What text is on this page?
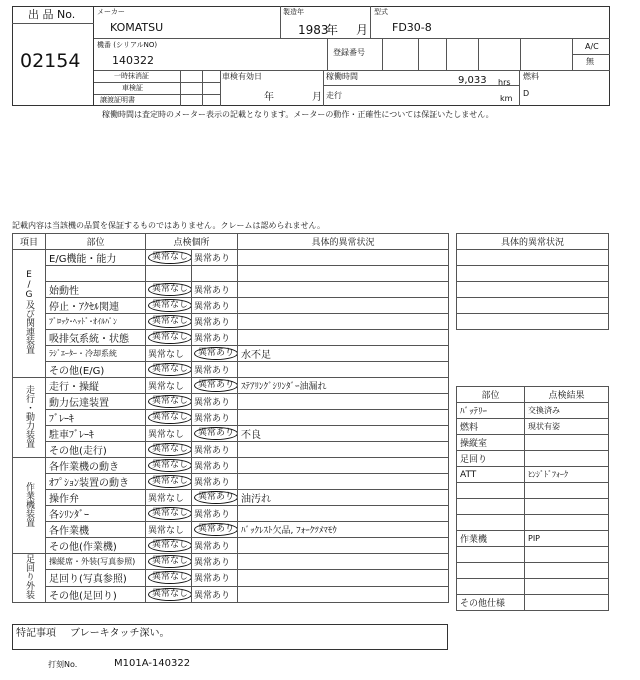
出 品 No.
02154
メーカー
KOMATSU
製造年
1983
年 月
型式
FD30-8
機番 (シリアルNO)
140322
登録番号
A/C
無
一時抹消証
車検証
譲渡証明書
車検有効日
年	月
稼働時間	9,033 hrs
走行	km
燃料
D
稼働時間は査定時のメーター表示の記載となります。メーターの動作・正確性については保証いたしません。
記載内容は当該機の品質を保証するものではありません。クレームは認められません。
項目	部位	点検個所		具体的異常状況
E/G及び関連装置	E/G機能・能力	異常なし	異常あり	

	始動性	異常なし	異常あり	
	停止・ｱｸｾﾙ関連	異常なし	異常あり	
	ﾌﾞﾛｯｸ･ﾍｯﾄﾞ･ｵｲﾙﾊﾟﾝ	異常なし	異常あり	
	吸排気系統・状態	異常なし	異常あり	
	ﾗｼﾞｴｰﾀｰ・冷却系統	異常なし	異常あり	水不足
	その他(E/G)	異常なし	異常あり	
走行・動力装置	走行・操縦	異常なし	異常あり	ｽﾃｱﾘﾝｸﾞｼﾘﾝﾀﾞｰ油漏れ
	動力伝達装置	異常なし	異常あり	
	ﾌﾞﾚｰｷ	異常なし	異常あり	
	駐車ﾌﾞﾚｰｷ	異常なし	異常あり	不良
	その他(走行)	異常なし	異常あり	
作業機装置	各作業機の動き	異常なし	異常あり	
	ｵﾌﾟｼｮﾝ装置の動き	異常なし	異常あり	
	操作弁	異常なし	異常あり	油汚れ
	各ｼﾘﾝﾀﾞｰ	異常なし	異常あり	
	各作業機	異常なし	異常あり	ﾊﾞｯｸﾚｽﾄ欠品, ﾌｫｰｸﾂﾒﾏﾓｳ
	その他(作業機)	異常なし	異常あり	
足回り外装	操縦席・外装(写真参照)	異常なし	異常あり	
	足回り(写真参照)	異常なし	異常あり	
	その他(足回り)	異常なし	異常あり	
特記事項 ブレーキタッチ深い。
打刻No.	M101A-140322
具体的異常状況

部位	点検結果
ﾊﾞｯﾃﾘｰ	交換済み
燃料	現状有姿
操縦室	
足回り	
ATT	ﾋﾝｼﾞﾄﾞﾌｫｰｸ

作業機	PIP

その他仕様	
